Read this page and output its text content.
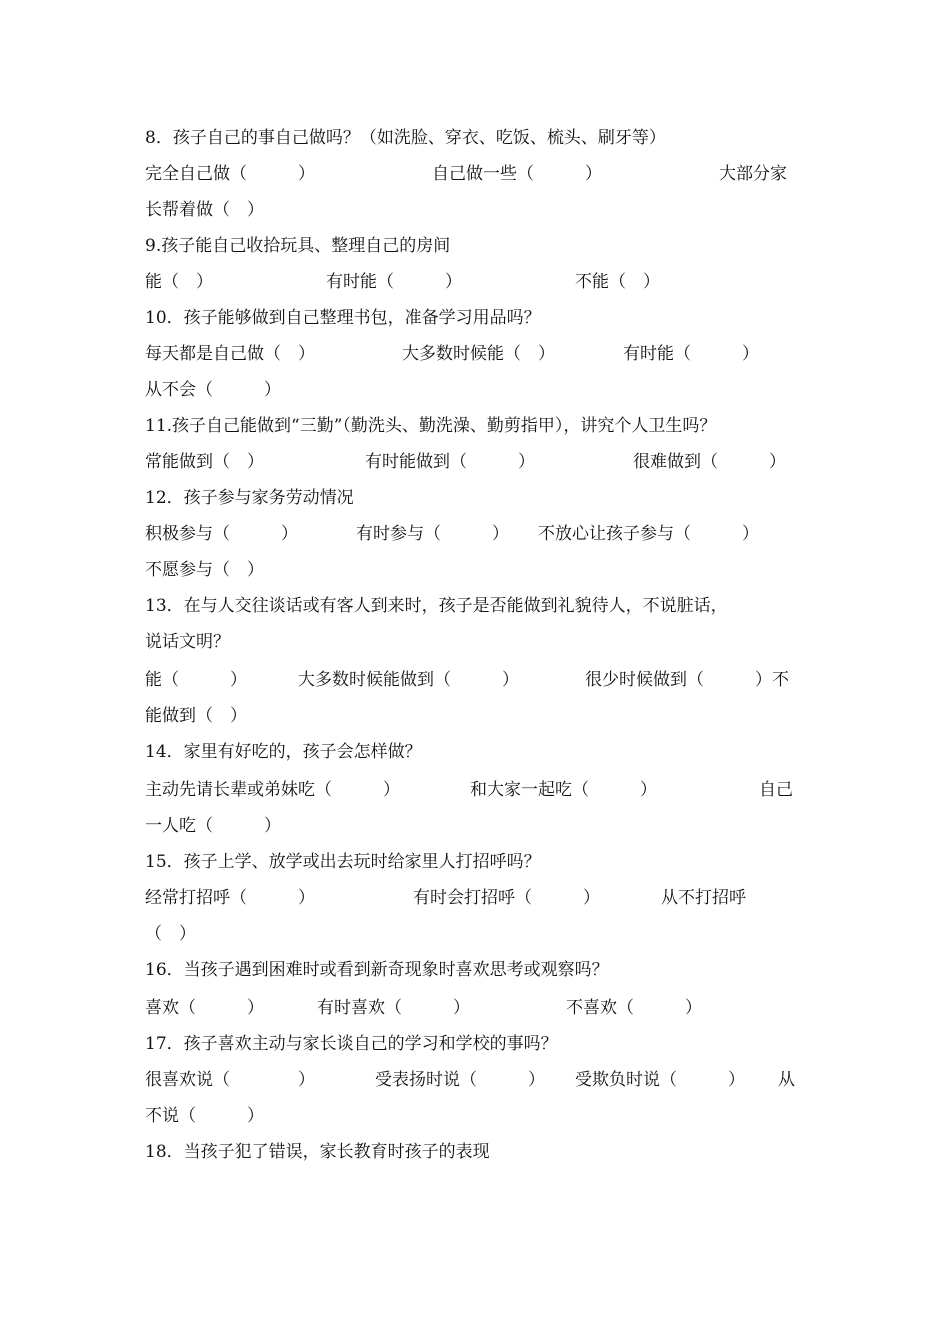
8．孩子自己的事自己做吗？（如洗脸、穿衣、吃饭、梳头、刷牙等）

完全自己做（　　　）

	自己做一些（　　　）

	大部分家

长帮着做（　）

9.孩子能自己收拾玩具、整理自己的房间

能（　）

	有时能（　　　）

	不能（　）

10．孩子能够做到自己整理书包，准备学习用品吗？

每天都是自己做（　）

	大多数时候能（　）

	有时能（　　　）

从不会（　　　）

11.孩子自己能做到“三勤”（勤洗头、勤洗澡、勤剪指甲），讲究个人卫生吗？

常能做到（　）

	有时能做到（　　　）

	很难做到（　　　）

12．孩子参与家务劳动情况

积极参与（　　　）

	有时参与（　　　）

不放心让孩子参与（　　　）

不愿参与（　）

13．在与人交往谈话或有客人到来时，孩子是否能做到礼貌待人，不说脏话，

说话文明？

能（　　　）

	大多数时候能做到（　　　）

	很少时候做到（　　　）不

能做到（　）

14．家里有好吃的，孩子会怎样做？

主动先请长辈或弟妹吃（　　　）

	和大家一起吃（　　　）

	自己

一人吃（　　　）

15．孩子上学、放学或出去玩时给家里人打招呼吗？

经常打招呼（　　　）

	有时会打招呼（　　　）

	从不打招呼

（　）

16．当孩子遇到困难时或看到新奇现象时喜欢思考或观察吗？

喜欢（　　　）

	有时喜欢（　　　）

	不喜欢（　　　）

17．孩子喜欢主动与家长谈自己的学习和学校的事吗？

很喜欢说（　　　　）

	受表扬时说（　　　）

受欺负时说（　　　）

从

不说（　　　）

18．当孩子犯了错误，家长教育时孩子的表现
